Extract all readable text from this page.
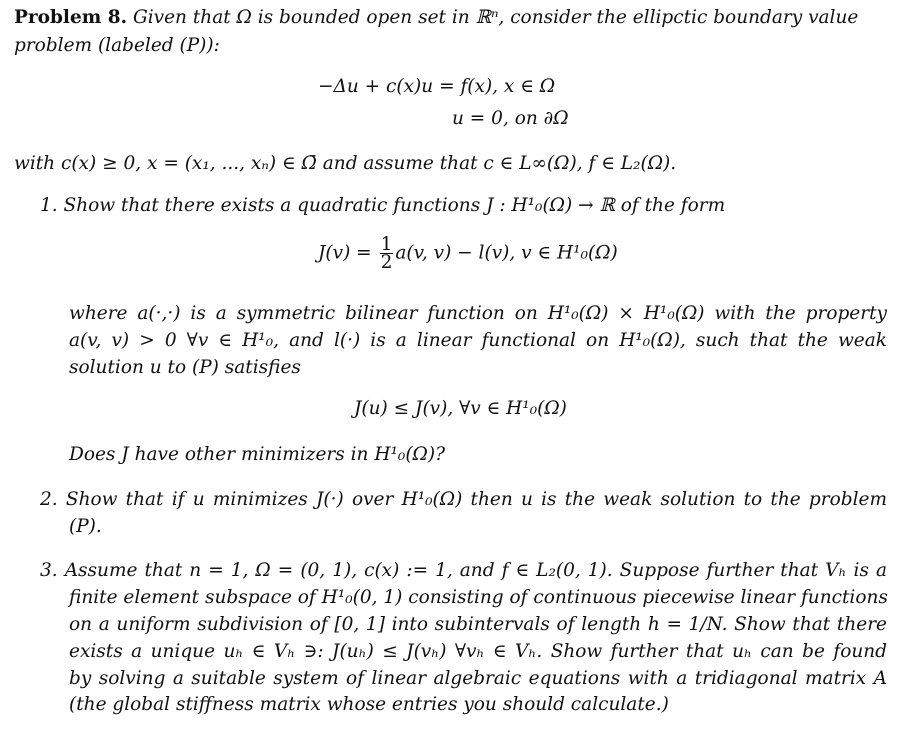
Problem 8. Given that Ω is bounded open set in ℝⁿ, consider the ellipctic boundary value
problem (labeled (P)):
−Δu + c(x)u = f(x), x ∈ Ω
u = 0, on ∂Ω
with c(x) ≥ 0, x = (x₁, ..., xₙ) ∈ Ω̄ and assume that c ∈ L∞(Ω), f ∈ L₂(Ω).
1. Show that there exists a quadratic functions J : H¹₀(Ω) → ℝ of the form
$J(v) = \frac{1}{2} a(v$, v) − l(v), v ∈ H¹₀(Ω)
where a(·,·) is a symmetric bilinear function on H¹₀(Ω) × H¹₀(Ω) with the property
a(v, v) > 0 ∀v ∈ H¹₀, and l(·) is a linear functional on H¹₀(Ω), such that the weak
solution u to (P) satisfies
J(u) ≤ J(v), ∀v ∈ H¹₀(Ω)
Does J have other minimizers in H¹₀(Ω)?
2. Show that if u minimizes J(·) over H¹₀(Ω) then u is the weak solution to the problem
(P).
3. Assume that n = 1, Ω = (0, 1), c(x) := 1, and f ∈ L₂(0, 1). Suppose further that Vₕ is a
finite element subspace of H¹₀(0, 1) consisting of continuous piecewise linear functions
on a uniform subdivision of [0, 1] into subintervals of length h = 1/N. Show that there
exists a unique uₕ ∈ Vₕ ∋: J(uₕ) ≤ J(vₕ) ∀vₕ ∈ Vₕ. Show further that uₕ can be found
by solving a suitable system of linear algebraic equations with a tridiagonal matrix A
(the global stiffness matrix whose entries you should calculate.)
